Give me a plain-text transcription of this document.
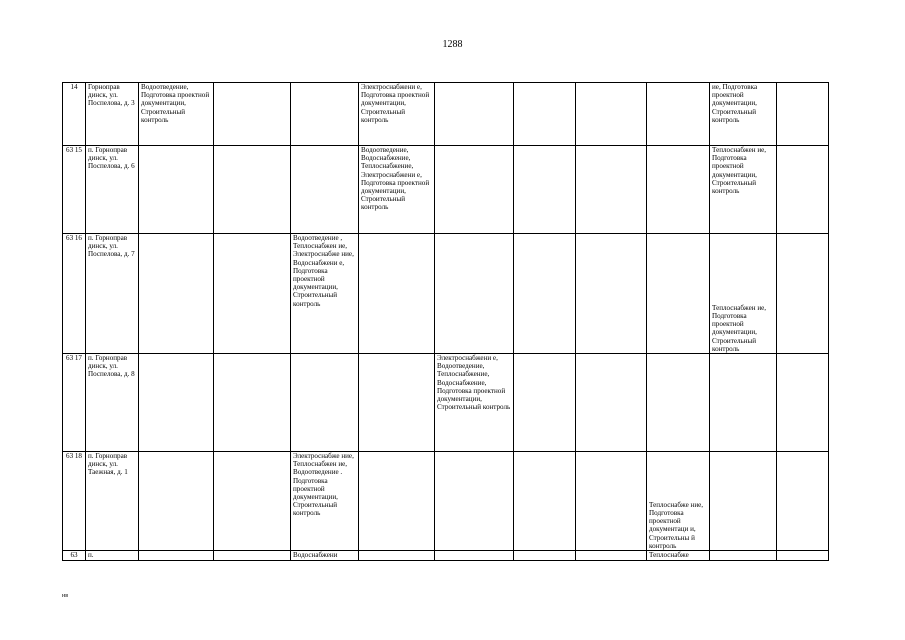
1288
14	Горноправ динск, ул. Поспелова, д. 3	Водоотведение, Подготовка проектной документации, Строительный контроль			Электроснабжени е, Подготовка проектной документации, Строительный контроль					ие, Подготовка проектной документации, Строительный контроль	
63 15	п. Горноправ динск, ул. Поспелова, д. 6				Водоотведение, Водоснабжение, Теплоснабжение, Электроснабжени е, Подготовка проектной документации, Строительный контроль					Теплоснабжен ие, Подготовка проектной документации, Строительный контроль	
63 16	п. Горноправ динск, ул. Поспелова, д. 7			Водоотведение , Теплоснабжен ие, Электроснабже ние, Водоснабжени е, Подготовка проектной документации, Строительный контроль						Теплоснабжен ие, Подготовка проектной документации, Строительный контроль	
63 17	п. Горноправ динск, ул. Поспелова, д. 8					Электроснабжени е, Водоотведение, Теплоснабжение, Водоснабжение, Подготовка проектной документации, Строительный контроль					
63 18	п. Горноправ динск, ул. Таежная, д. 1			Электроснабже ние, Теплоснабжен ие, Водоотведение . Подготовка проектной документации, Строительный контроль					Теплоснабже ние, Подготовка проектной документаци и, Строительны й контроль		
63	п.			Водоснабжени					Теплоснабже		
нв
